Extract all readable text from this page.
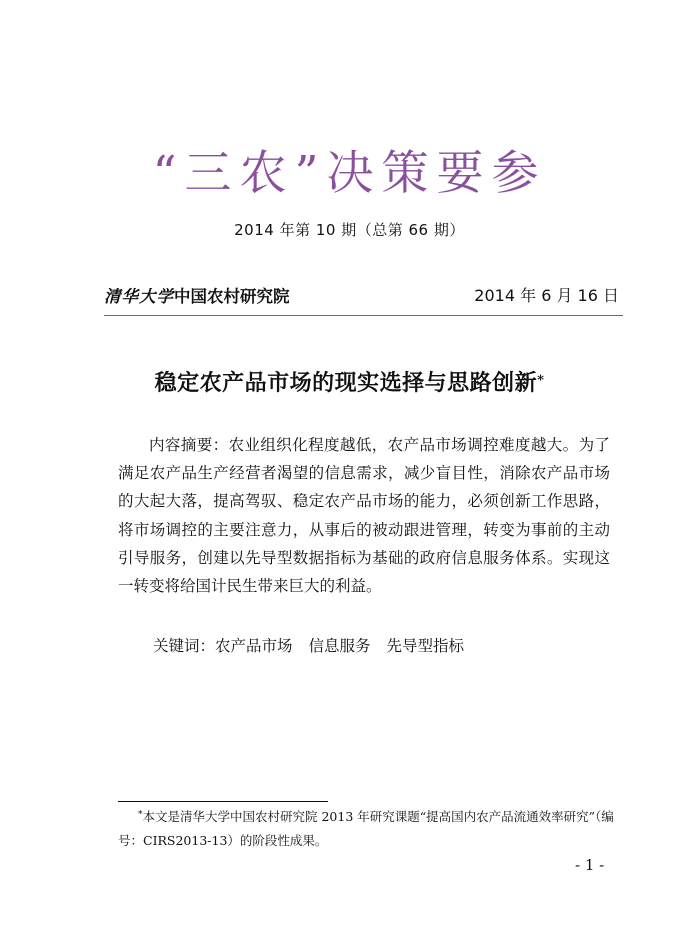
“三农”决策要参
2014 年第 10 期（总第 66 期）
清华大学中国农村研究院	2014 年 6 月 16 日
稳定农产品市场的现实选择与思路创新*
内容摘要：农业组织化程度越低，农产品市场调控难度越大。为了满足农产品生产经营者渴望的信息需求，减少盲目性，消除农产品市场的大起大落，提高驾驭、稳定农产品市场的能力，必须创新工作思路，将市场调控的主要注意力，从事后的被动跟进管理，转变为事前的主动引导服务，创建以先导型数据指标为基础的政府信息服务体系。实现这一转变将给国计民生带来巨大的利益。
关键词：农产品市场 信息服务 先导型指标
*本文是清华大学中国农村研究院 2013 年研究课题“提高国内农产品流通效率研究”（编号：CIRS2013-13）的阶段性成果。
- 1 -
